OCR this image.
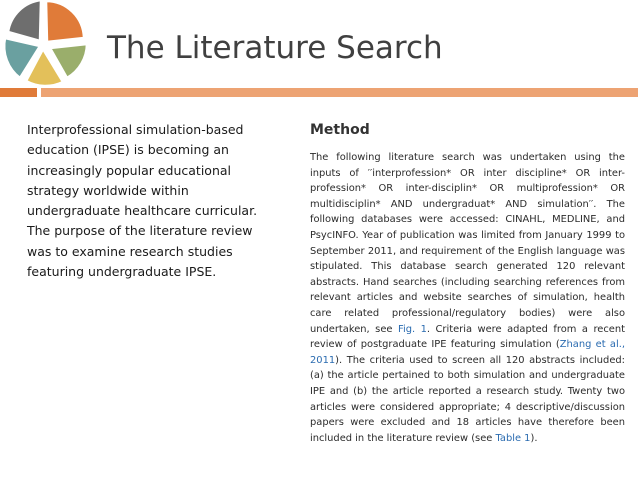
The Literature Search
Interprofessional simulation-based education (IPSE) is becoming an increasingly popular educational strategy worldwide within undergraduate healthcare curricular. The purpose of the literature review was to examine research studies featuring undergraduate IPSE.
Method

The following literature search was undertaken using the inputs of ′′interprofession* OR inter discipline* OR inter-profession* OR inter-disciplin* OR multiprofession* OR multidisciplin* AND undergraduat* AND simulation′′. The following databases were accessed: CINAHL, MEDLINE, and PsycINFO. Year of publication was limited from January 1999 to September 2011, and requirement of the English language was stipulated. This database search generated 120 relevant abstracts. Hand searches (including searching references from relevant articles and website searches of simulation, health care related professional/regulatory bodies) were also undertaken, see Fig. 1. Criteria were adapted from a recent review of postgraduate IPE featuring simulation (Zhang et al., 2011). The criteria used to screen all 120 abstracts included: (a) the article pertained to both simulation and undergraduate IPE and (b) the article reported a research study. Twenty two articles were considered appropriate; 4 descriptive/discussion papers were excluded and 18 articles have therefore been included in the literature review (see Table 1).
